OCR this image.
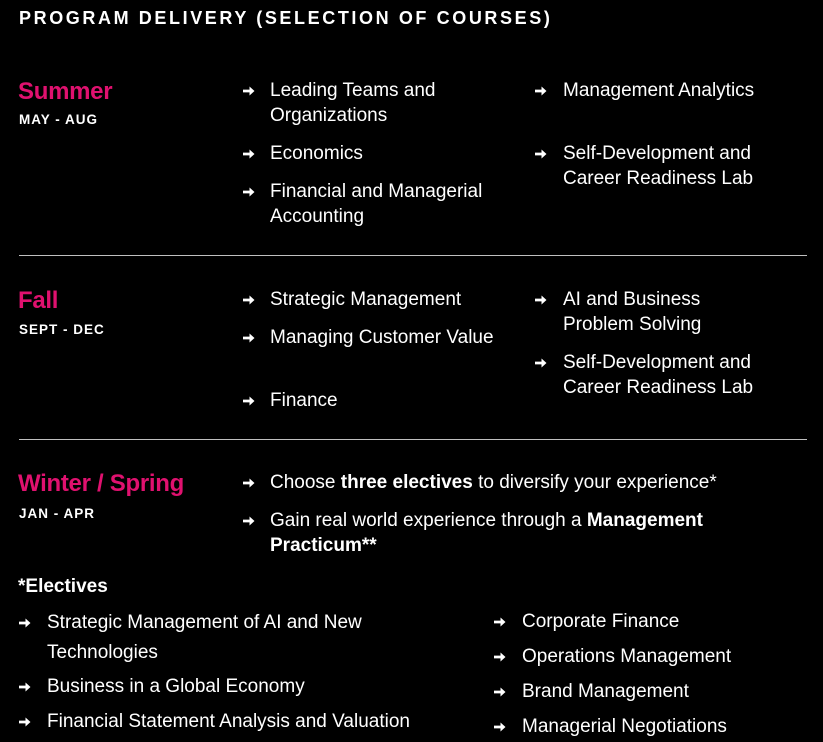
PROGRAM DELIVERY (SELECTION OF COURSES)
Summer
MAY - AUG
Leading Teams and Organizations
Economics
Financial and Managerial Accounting
Management Analytics
Self-Development and Career Readiness Lab
Fall
SEPT - DEC
Strategic Management
Managing Customer Value
Finance
AI and Business Problem Solving
Self-Development and Career Readiness Lab
Winter / Spring
JAN - APR
Choose three electives to diversify your experience*
Gain real world experience through a Management Practicum**
*Electives
Strategic Management of AI and New Technologies
Business in a Global Economy
Financial Statement Analysis and Valuation
Corporate Finance
Operations Management
Brand Management
Managerial Negotiations
